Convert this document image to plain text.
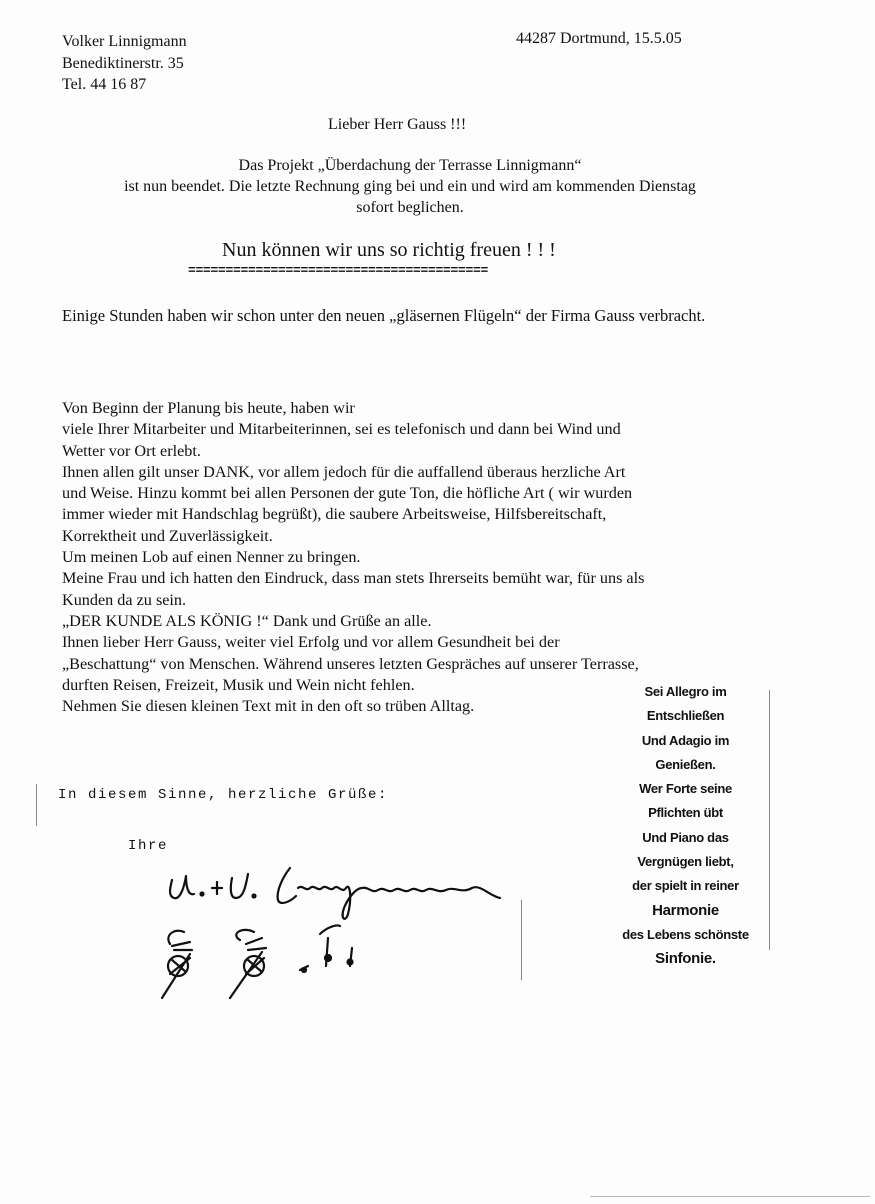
Volker Linnigmann
Benediktinerstr. 35
Tel. 44 16 87
44287 Dortmund, 15.5.05
Lieber Herr Gauss !!!
Das Projekt „Überdachung der Terrasse Linnigmann“
ist nun beendet. Die letzte Rechnung ging bei und ein und wird am kommenden Dienstag
sofort beglichen.
Nun können wir uns so richtig freuen ! ! !
========================================
Einige Stunden haben wir schon unter den neuen „gläsernen Flügeln“ der Firma Gauss verbracht.
Von Beginn der Planung bis heute, haben wir
viele Ihrer Mitarbeiter und Mitarbeiterinnen, sei es telefonisch und dann bei Wind und
Wetter vor Ort erlebt.
Ihnen allen gilt unser DANK, vor allem jedoch für die auffallend überaus herzliche Art
und Weise. Hinzu kommt bei allen Personen der gute Ton, die höfliche Art ( wir wurden
immer wieder mit Handschlag begrüßt), die saubere Arbeitsweise, Hilfsbereitschaft,
Korrektheit und Zuverlässigkeit.
Um meinen Lob auf einen Nenner zu bringen.
Meine Frau und ich hatten den Eindruck, dass man stets Ihrerseits bemüht war, für uns als
Kunden da zu sein.
„DER KUNDE ALS KÖNIG !“ Dank und Grüße an alle.
Ihnen lieber Herr Gauss, weiter viel Erfolg und vor allem Gesundheit bei der
„Beschattung“ von Menschen. Während unseres letzten Gespräches auf unserer Terrasse,
durften Reisen, Freizeit, Musik und Wein nicht fehlen.
Nehmen Sie diesen kleinen Text mit in den oft so trüben Alltag.
In diesem Sinne, herzliche Grüße:
Ihre
Sei Allegro im
Entschließen
Und Adagio im
Genießen.
Wer Forte seine
Pflichten übt
Und Piano das
Vergnügen liebt,
der spielt in reiner
Harmonie
des Lebens schönste
Sinfonie.
